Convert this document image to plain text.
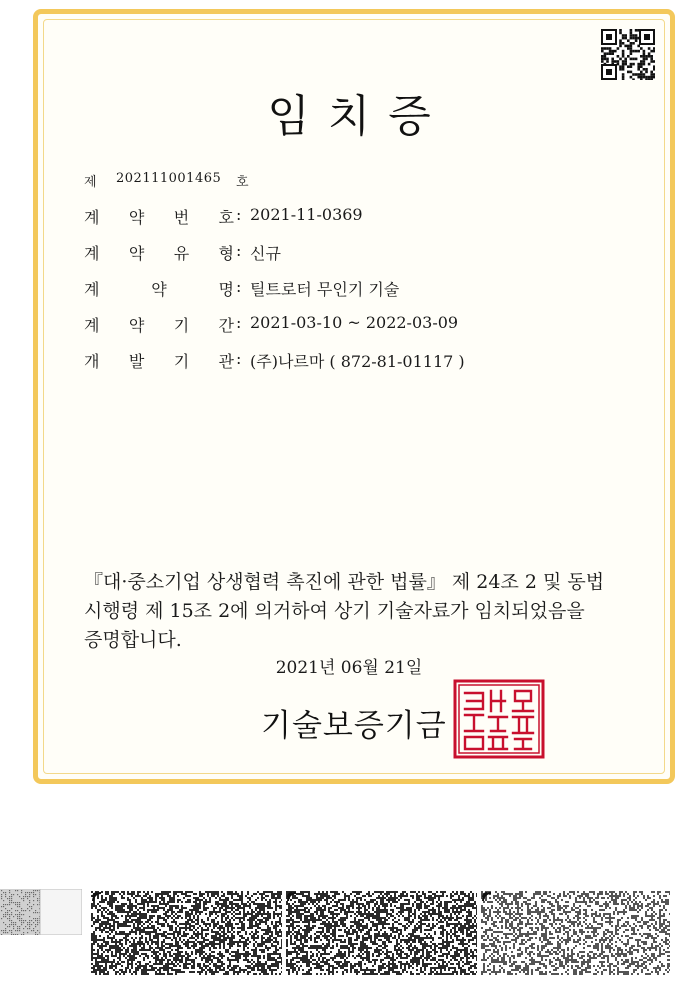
임치증
제 202111001465 호
계 약 번 호 : 2021-11-0369
계 약 유 형 : 신규
계	약	명 : 틸트로터 무인기 기술
계 약 기 간 : 2021-03-10 ~ 2022-03-09
개 발 기 관 : (주)나르마 ( 872-81-01117 )
『대·중소기업 상생협력 촉진에 관한 법률』 제 24조 2 및 동법
시행령 제 15조 2에 의거하여 상기 기술자료가 임치되었음을
증명합니다.
2021년 06월 21일
기술보증기금
